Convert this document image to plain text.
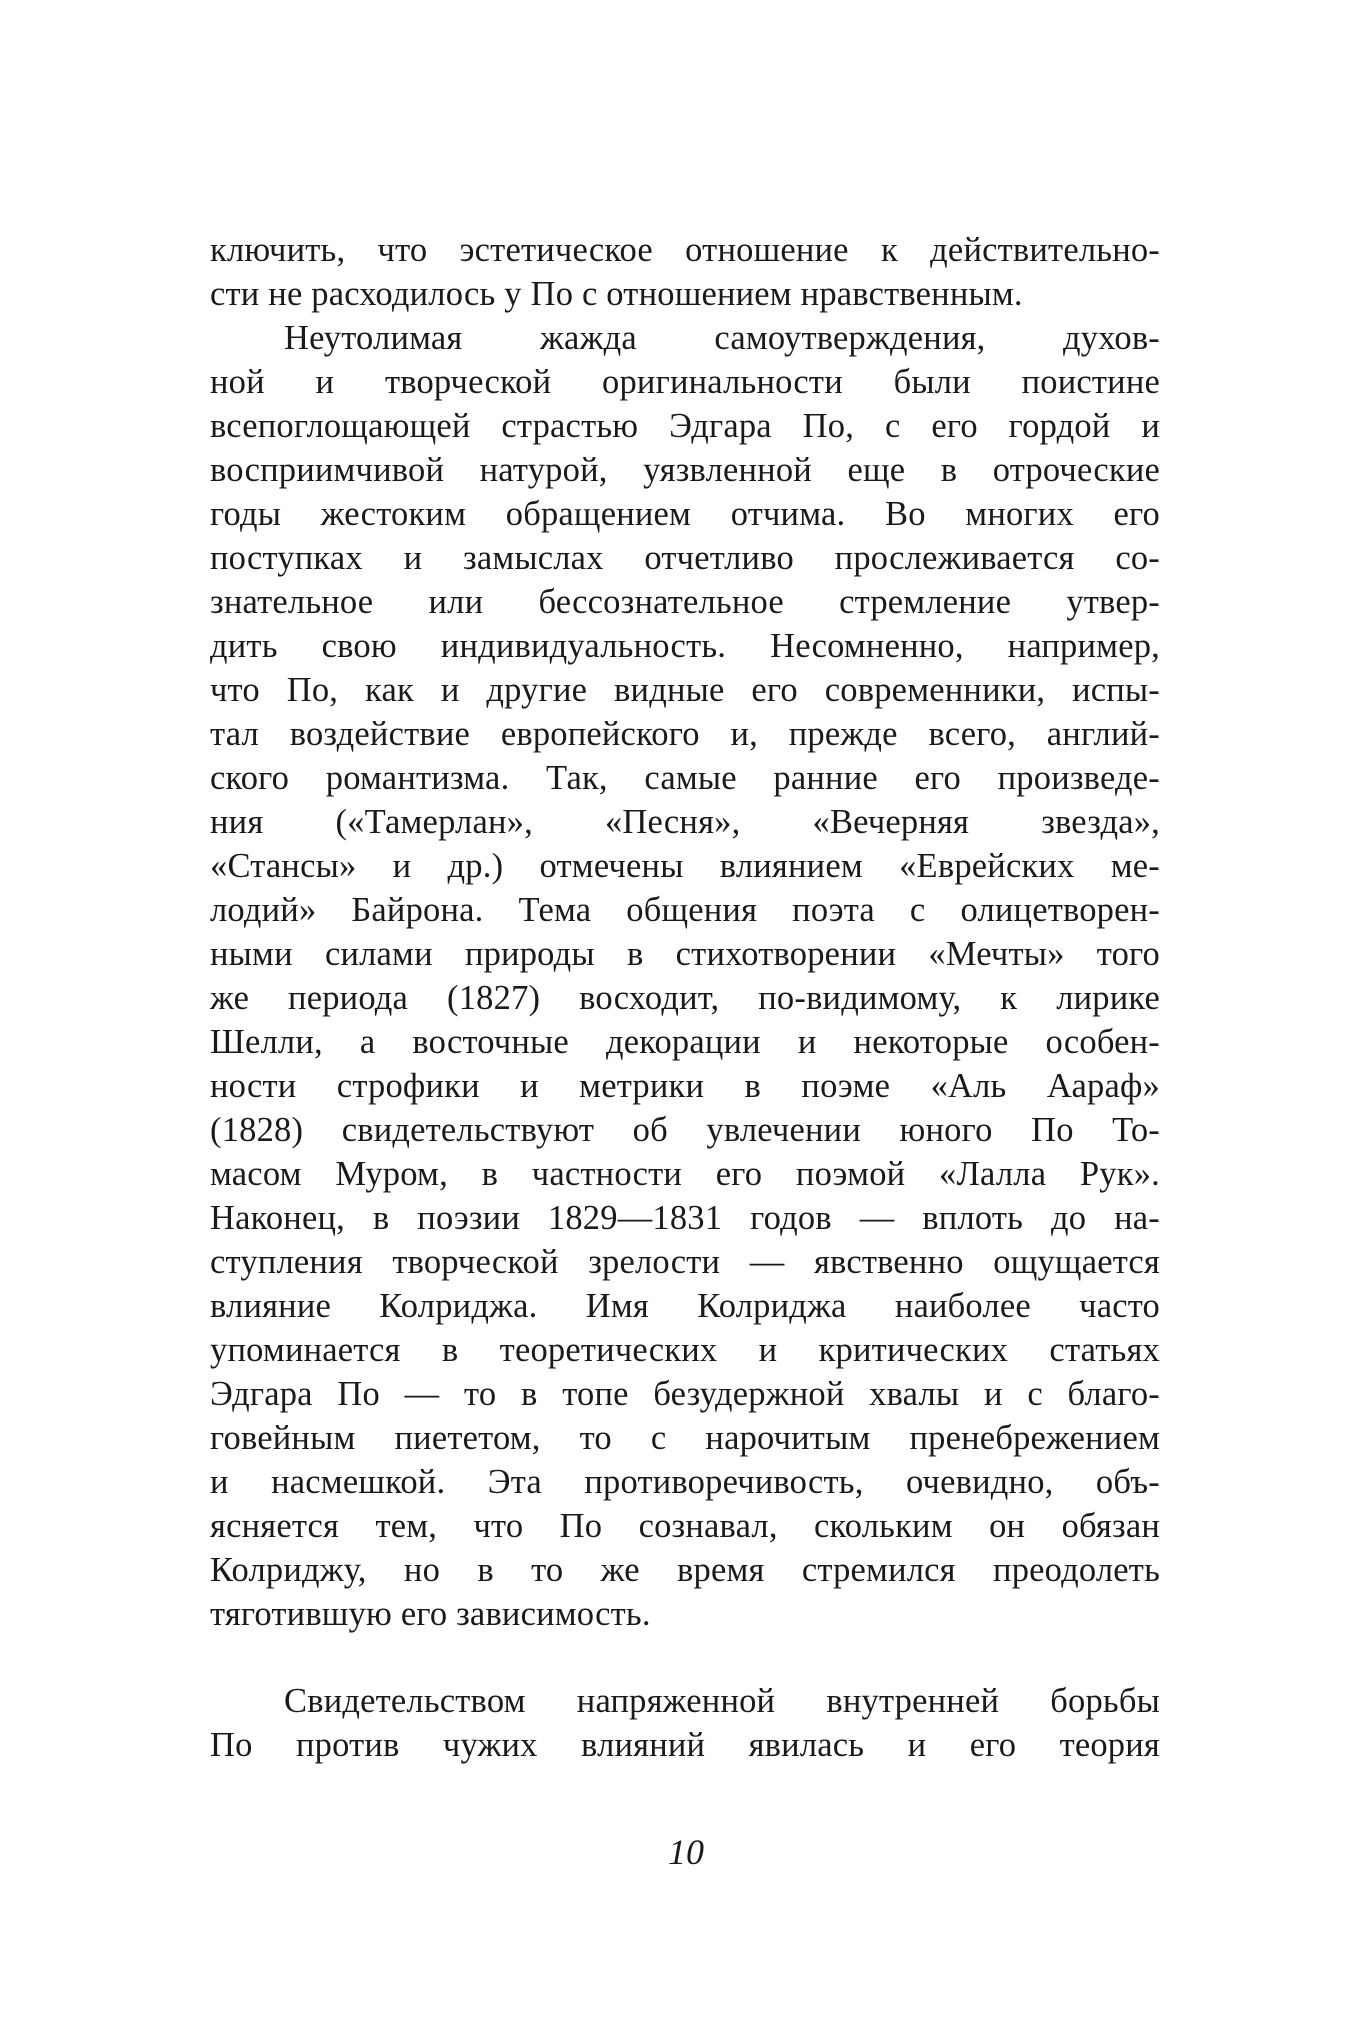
ключить, что эстетическое отношение к действительно-
сти не расходилось у По с отношением нравственным.
Неутолимая жажда самоутверждения, духов-
ной и творческой оригинальности были поистине
всепоглощающей страстью Эдгара По, с его гордой и
восприимчивой натурой, уязвленной еще в отроческие
годы жестоким обращением отчима. Во многих его
поступках и замыслах отчетливо прослеживается со-
знательное или бессознательное стремление утвер-
дить свою индивидуальность. Несомненно, например,
что По, как и другие видные его современники, испы-
тал воздействие европейского и, прежде всего, англий-
ского романтизма. Так, самые ранние его произведе-
ния («Тамерлан», «Песня», «Вечерняя звезда»,
«Стансы» и др.) отмечены влиянием «Еврейских ме-
лодий» Байрона. Тема общения поэта с олицетворен-
ными силами природы в стихотворении «Мечты» того
же периода (1827) восходит, по-видимому, к лирике
Шелли, а восточные декорации и некоторые особен-
ности строфики и метрики в поэме «Аль Аараф»
(1828) свидетельствуют об увлечении юного По То-
масом Муром, в частности его поэмой «Лалла Рук».
Наконец, в поэзии 1829—1831 годов — вплоть до на-
ступления творческой зрелости — явственно ощущается
влияние Колриджа. Имя Колриджа наиболее часто
упоминается в теоретических и критических статьях
Эдгара По — то в топе безудержной хвалы и с благо-
говейным пиететом, то с нарочитым пренебрежением
и насмешкой. Эта противоречивость, очевидно, объ-
ясняется тем, что По сознавал, скольким он обязан
Колриджу, но в то же время стремился преодолеть
тяготившую его зависимость.
Свидетельством напряженной внутренней борьбы
По против чужих влияний явилась и его теория
10
